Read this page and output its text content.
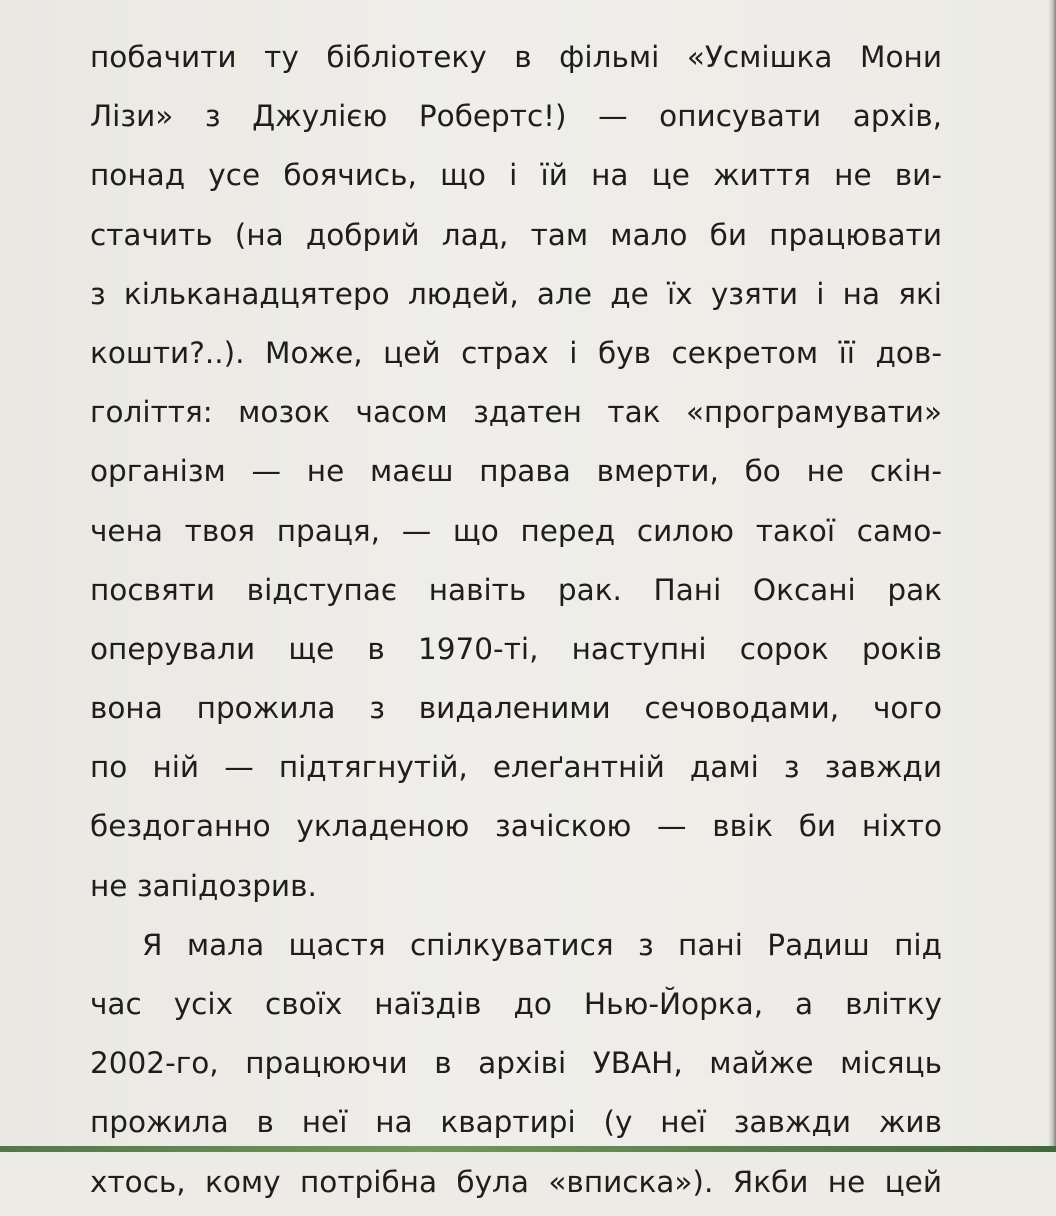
побачити ту бібліотеку в фільмі «Усмішка Мони
Лізи» з Джулією Робертс!) — описувати архів,
понад усе боячись, що і їй на це життя не ви-
стачить (на добрий лад, там мало би працювати
з кільканадцятеро людей, але де їх узяти і на які
кошти?..). Може, цей страх і був секретом її дов-
голіття: мозок часом здатен так «програмувати»
організм — не маєш права вмерти, бо не скін-
чена твоя праця, — що перед силою такої само-
посвяти відступає навіть рак. Пані Оксані рак
оперували ще в 1970-ті, наступні сорок років
вона прожила з видаленими сечоводами, чого
по ній — підтягнутій, елеґантній дамі з завжди
бездоганно укладеною зачіскою — ввік би ніхто
не запідозрив.
Я мала щастя спілкуватися з пані Радиш під
час усіх своїх наїздів до Нью-Йорка, а влітку
2002-го, працюючи в архіві УВАН, майже місяць
прожила в неї на квартирі (у неї завжди жив
хтось, кому потрібна була «вписка»). Якби не цей
